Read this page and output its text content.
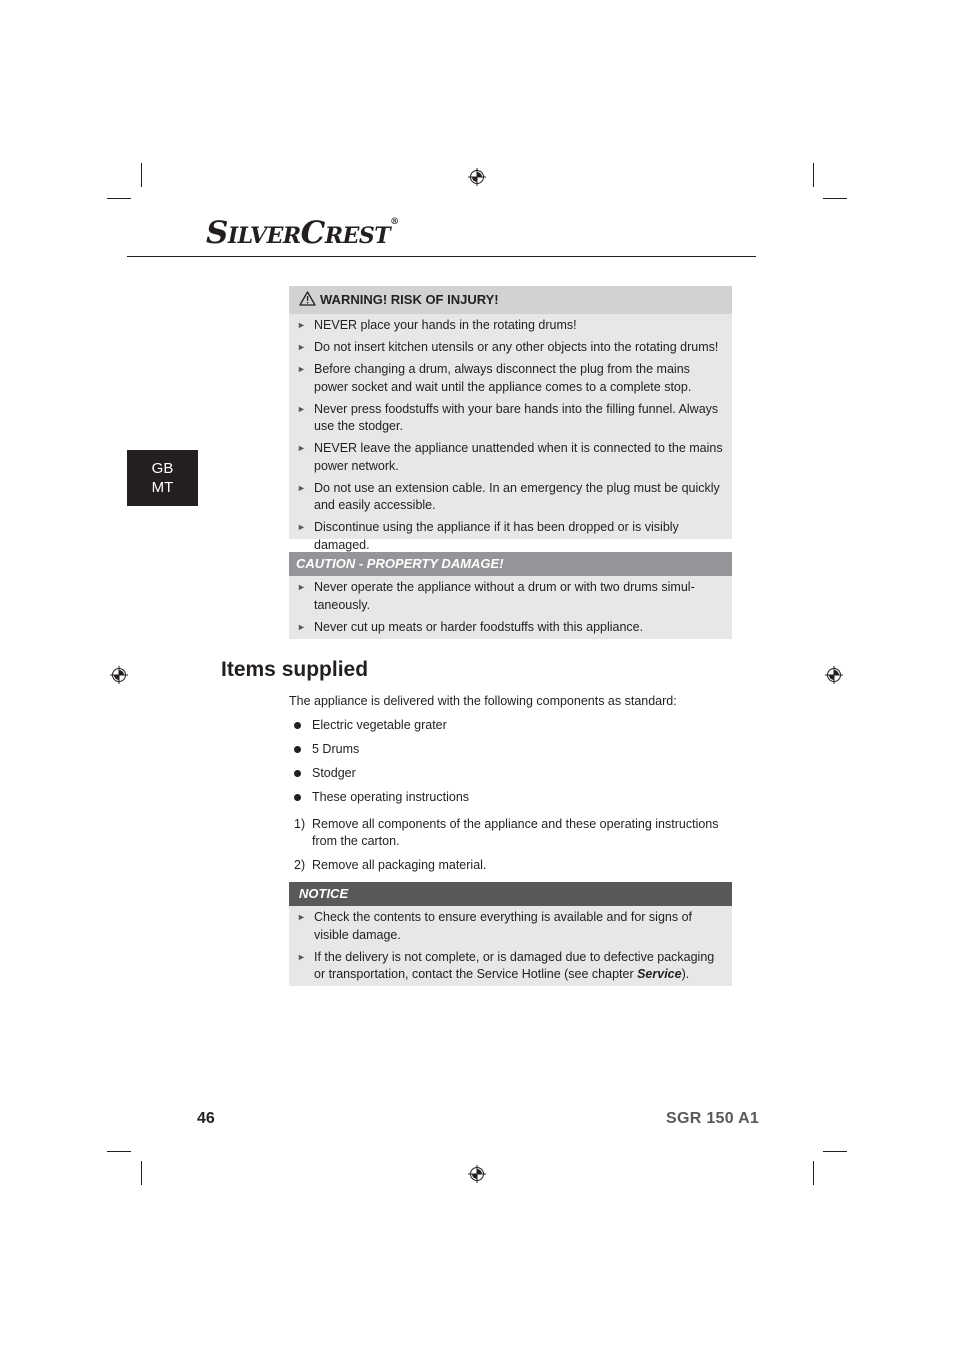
SILVERCREST®
GB
MT
WARNING! RISK OF INJURY!
► NEVER place your hands in the rotating drums!
► Do not insert kitchen utensils or any other objects into the rotating drums!
► Before changing a drum, always disconnect the plug from the mains power socket and wait until the appliance comes to a complete stop.
► Never press foodstuffs with your bare hands into the filling funnel. Always use the stodger.
► NEVER leave the appliance unattended when it is connected to the mains power network.
► Do not use an extension cable. In an emergency the plug must be quickly and easily accessible.
► Discontinue using the appliance if it has been dropped or is visibly damaged.
CAUTION - PROPERTY DAMAGE!
► Never operate the appliance without a drum or with two drums simul-taneously.
► Never cut up meats or harder foodstuffs with this appliance.
Items supplied
The appliance is delivered with the following components as standard:
Electric vegetable grater
5 Drums
Stodger
These operating instructions
1) Remove all components of the appliance and these operating instructions from the carton.
2) Remove all packaging material.
NOTICE
► Check the contents to ensure everything is available and for signs of visible damage.
► If the delivery is not complete, or is damaged due to defective packaging or transportation, contact the Service Hotline (see chapter Service).
46	SGR 150 A1
